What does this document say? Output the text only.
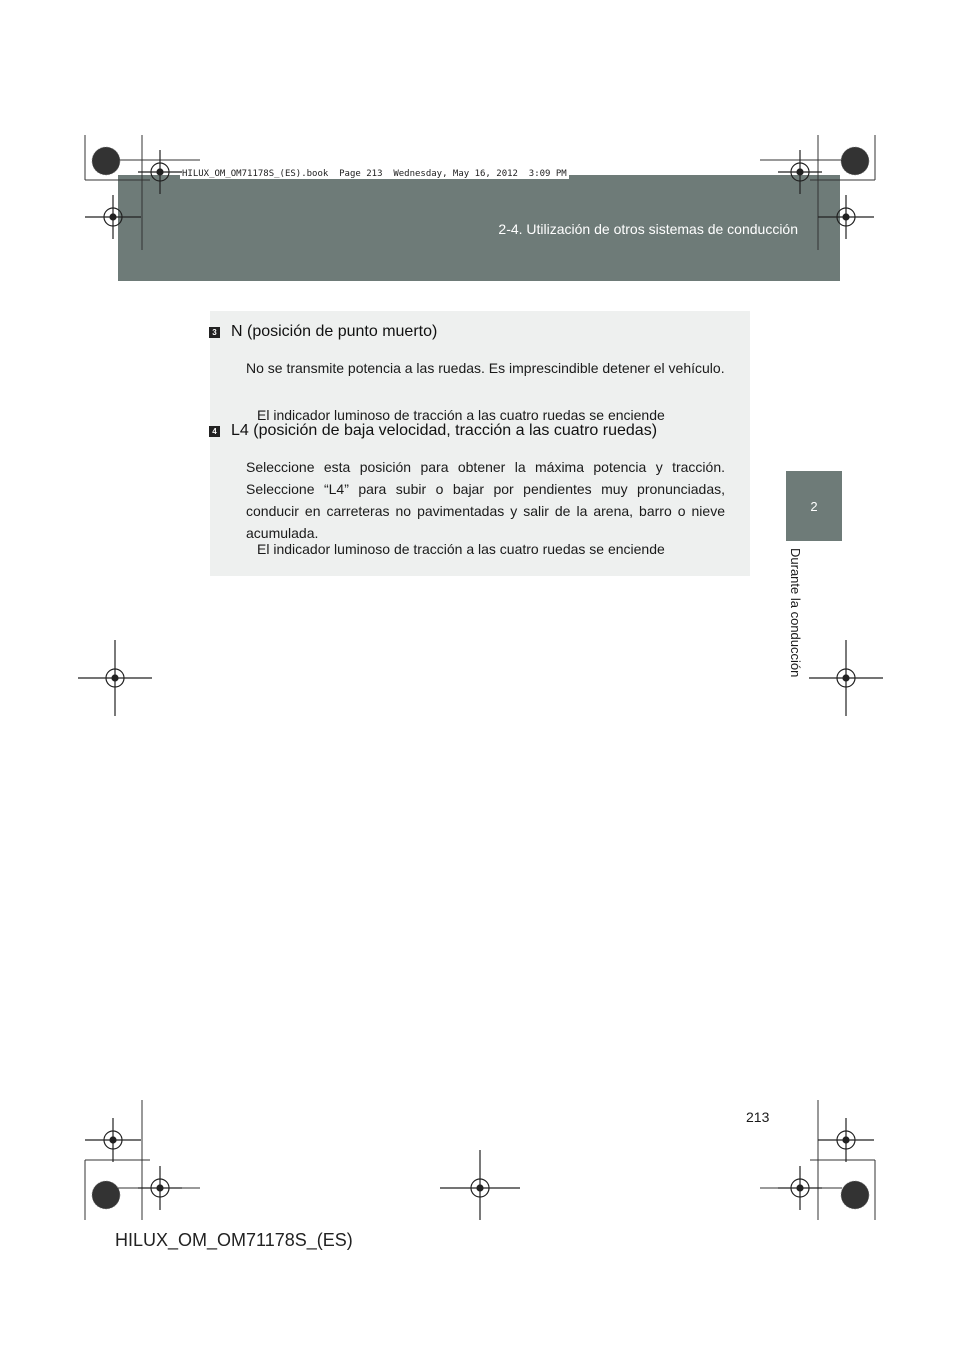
2-4. Utilización de otros sistemas de conducción
HILUX_OM_OM71178S_(ES).book  Page 213  Wednesday, May 16, 2012  3:09 PM
2
Durante la conducción
3 N (posición de punto muerto)
No se transmite potencia a las ruedas. Es imprescindible detener el vehículo.
El indicador luminoso de tracción a las cuatro ruedas se enciende
4 L4 (posición de baja velocidad, tracción a las cuatro ruedas)
Seleccione esta posición para obtener la máxima potencia y tracción. Seleccione “L4” para subir o bajar por pendientes muy pronunciadas, conducir en carreteras no pavimentadas y salir de la arena, barro o nieve acumulada.
El indicador luminoso de tracción a las cuatro ruedas se enciende
213
HILUX_OM_OM71178S_(ES)
